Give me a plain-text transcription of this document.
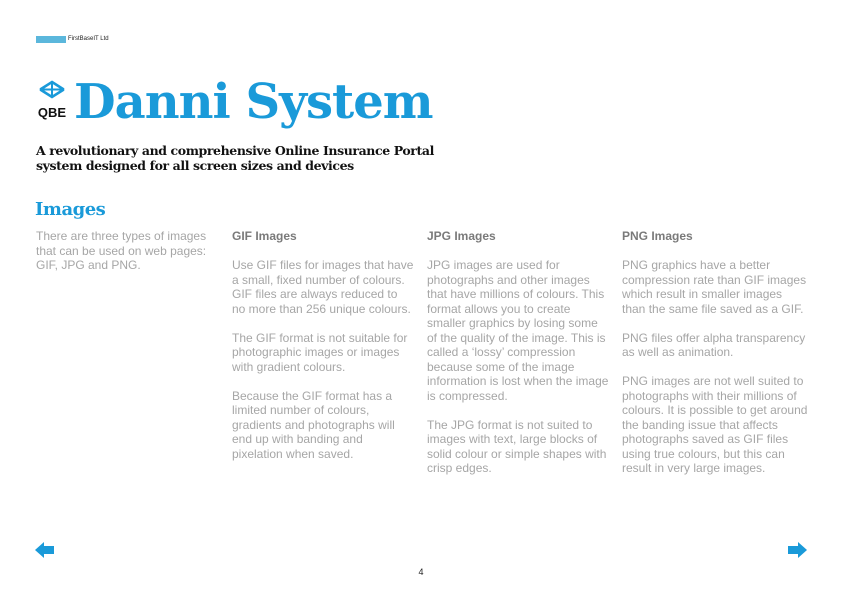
FirstBaseIT Ltd
QBE Danni System
A revolutionary and comprehensive Online Insurance Portal
system designed for all screen sizes and devices
Images
There are three types of images that can be used on web pages: GIF, JPG and PNG.
GIF Images

Use GIF files for images that have a small, fixed number of colours. GIF files are always reduced to no more than 256 unique colours.

The GIF format is not suitable for photographic images or images with gradient colours.

Because the GIF format has a limited number of colours, gradients and photographs will end up with banding and pixelation when saved.

JPG Images

JPG images are used for photographs and other images that have millions of colours. This format allows you to create smaller graphics by losing some of the quality of the image. This is called a ‘lossy’ compression because some of the image information is lost when the image is compressed.

The JPG format is not suited to images with text, large blocks of solid colour or simple shapes with crisp edges.

PNG Images

PNG graphics have a better compression rate than GIF images which result in smaller images than the same file saved as a GIF.

PNG files offer alpha transparency as well as animation.

PNG images are not well suited to photographs with their millions of colours. It is possible to get around the banding issue that affects photographs saved as GIF files using true colours, but this can result in very large images.

4
